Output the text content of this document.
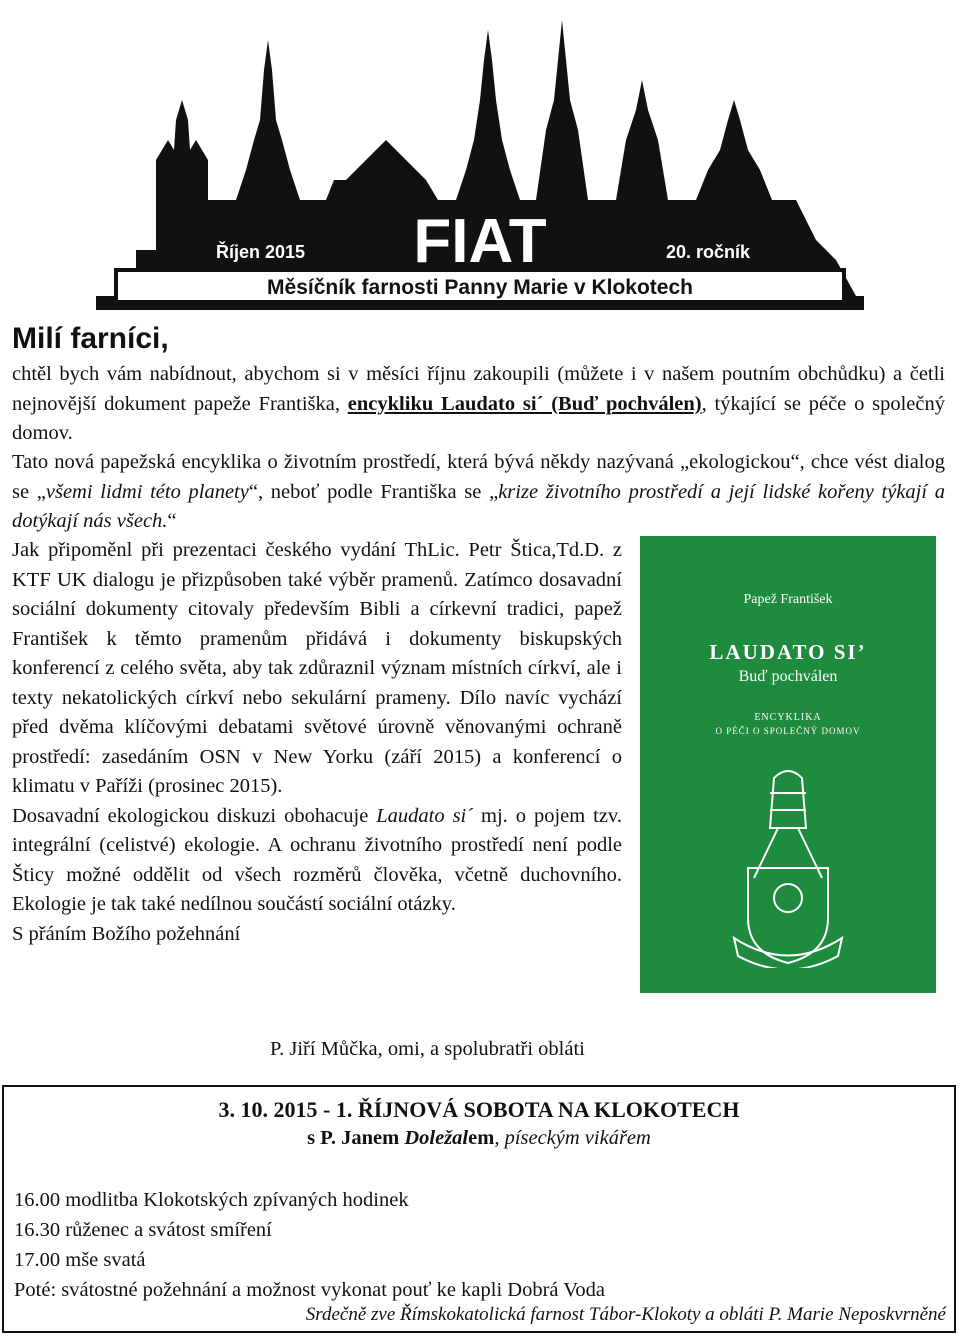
Říjen 2015	20. ročník
FIAT
Měsíčník farnosti Panny Marie v Klokotech
Milí farníci,
chtěl bych vám nabídnout, abychom si v měsíci říjnu zakoupili (můžete i v našem poutním obchůdku) a četli nejnovější dokument papeže Františka, encykliku Laudato si´ (Buď pochválen), týkající se péče o společný domov.
Tato nová papežská encyklika o životním prostředí, která bývá někdy nazývaná „ekologickou“, chce vést dialog se „všemi lidmi této planety“, neboť podle Františka se „krize životního prostředí a její lidské kořeny týkají a dotýkají nás všech.“
Jak připoměnl při prezentaci českého vydání ThLic. Petr Štica,Td.D. z KTF UK dialogu je přizpůsoben také výběr pramenů. Zatímco dosavadní sociální dokumenty citovaly především Bibli a církevní tradici, papež František k těmto pramenům přidává i dokumenty biskupských konferencí z celého světa, aby tak zdůraznil význam místních církví, ale i texty nekatolických církví nebo sekulární prameny. Dílo navíc vychází před dvěma klíčovými debatami světové úrovně věnovanými ochraně prostředí: zasedáním OSN v New Yorku (září 2015) a konferencí o klimatu v Paříži (prosinec 2015).
Dosavadní ekologickou diskuzi obohacuje Laudato si´ mj. o pojem tzv. integrální (celistvé) ekologie. A ochranu životního prostředí není podle Šticy možné oddělit od všech rozměrů člověka, včetně duchovního. Ekologie je tak také nedílnou součástí sociální otázky.
S přáním Božího požehnání
P. Jiří Můčka, omi, a spolubratři obláti
Papež František
LAUDATO SI’
Buď pochválen
ENCYKLIKA
O PÉČI O SPOLEČNÝ DOMOV
3. 10. 2015 - 1. ŘÍJNOVÁ SOBOTA NA KLOKOTECH
s P. Janem Doležalem, píseckým vikářem
16.00 modlitba Klokotských zpívaných hodinek
16.30 růženec a svátost smíření
17.00 mše svatá
Poté: svátostné požehnání a možnost vykonat pouť ke kapli Dobrá Voda
Srdečně zve Římskokatolická farnost Tábor-Klokoty a obláti P. Marie Neposkvrněné
